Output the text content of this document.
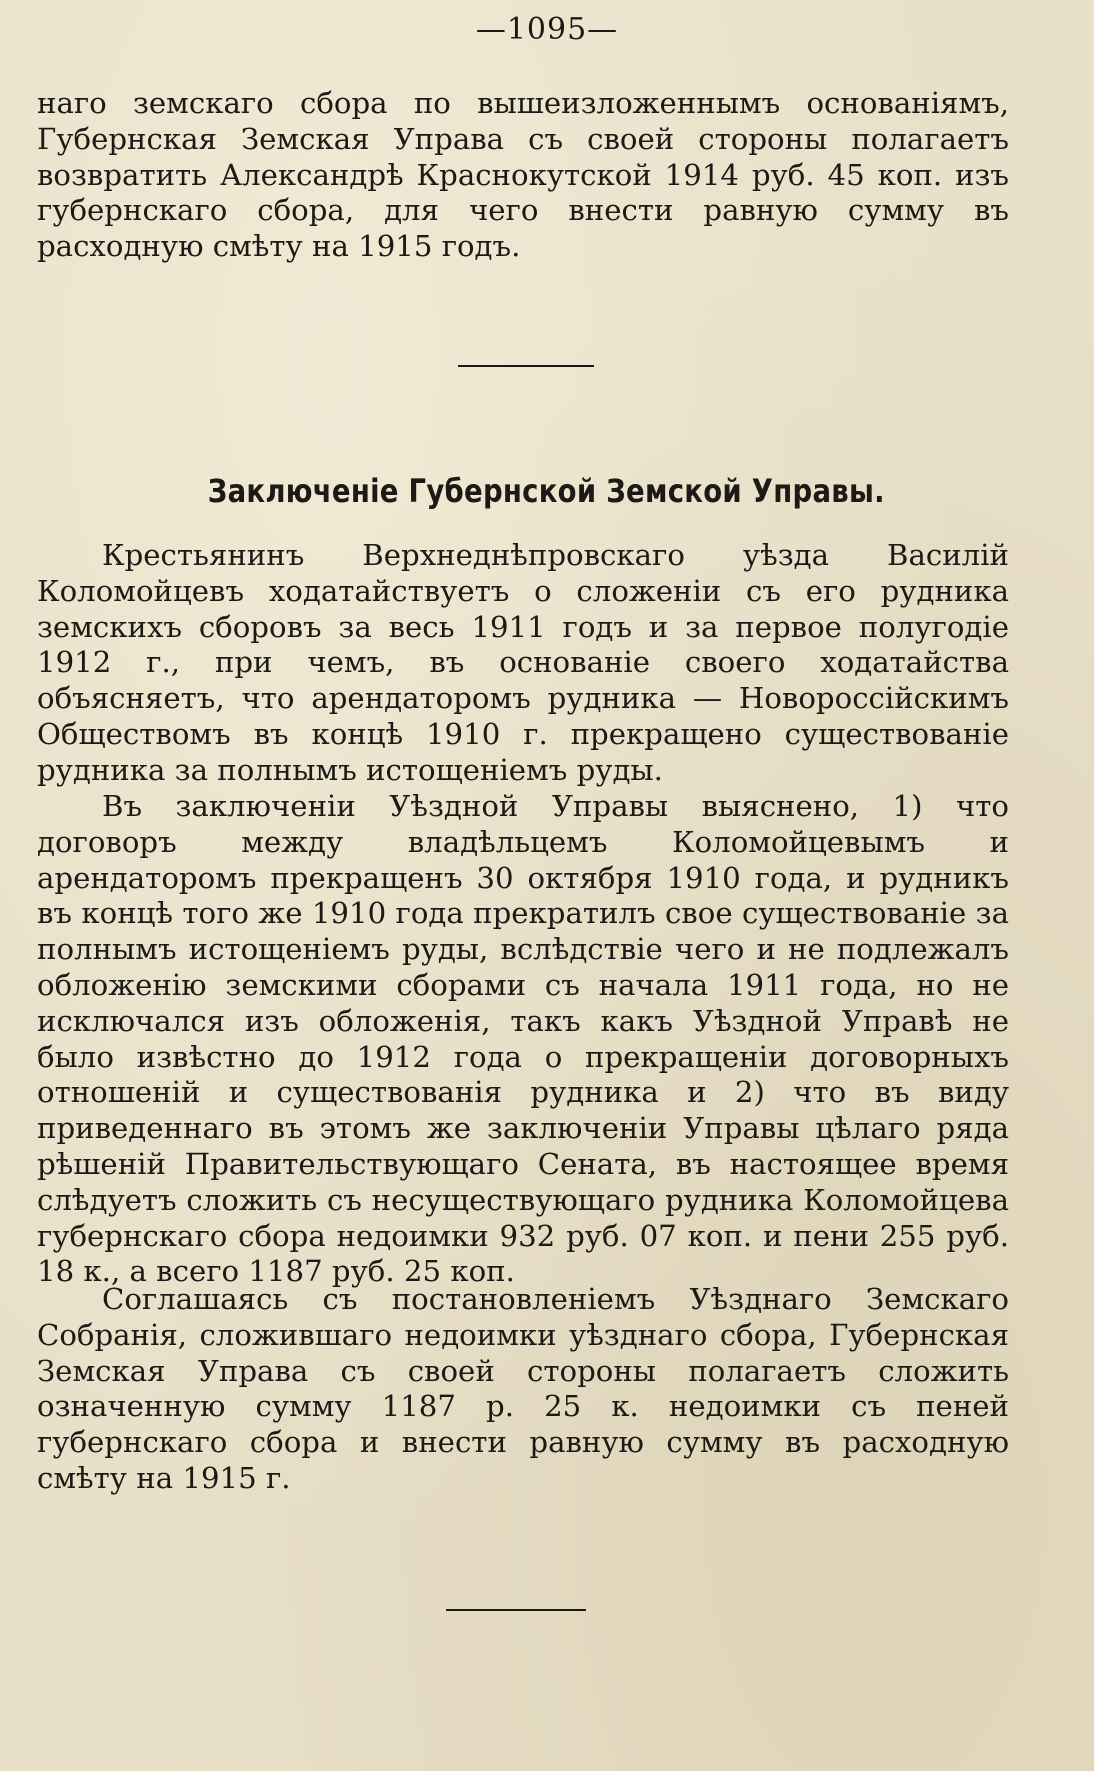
—1095—

наго земскаго сбора по вышеизложеннымъ основаніямъ, Губернская Земская Управа съ своей стороны полагаетъ возвратить Александрѣ Краснокутской 1914 руб. 45 коп. изъ губернскаго сбора, для чего внести равную сумму въ расходную смѣту на 1915 годъ.

Заключеніе Губернской Земской Управы.

Крестьянинъ Верхнеднѣпровскаго уѣзда Василій Коломойцевъ ходатайствуетъ о сложеніи съ его рудника земскихъ сборовъ за весь 1911 годъ и за первое полугодіе 1912 г., при чемъ, въ основаніе своего ходатайства объясняетъ, что арендаторомъ рудника — Новороссійскимъ Обществомъ въ концѣ 1910 г. прекращено существованіе рудника за полнымъ истощеніемъ руды.

Въ заключеніи Уѣздной Управы выяснено, 1) что договоръ между владѣльцемъ Коломойцевымъ и арендаторомъ прекращенъ 30 октября 1910 года, и рудникъ въ концѣ того же 1910 года прекратилъ свое существованіе за полнымъ истощеніемъ руды, вслѣдствіе чего и не подлежалъ обложенію земскими сборами съ начала 1911 года, но не исключался изъ обложенія, такъ какъ Уѣздной Управѣ не было извѣстно до 1912 года о прекращеніи договорныхъ отношеній и существованія рудника и 2) что въ виду приведеннаго въ этомъ же заключеніи Управы цѣлаго ряда рѣшеній Правительствующаго Сената, въ настоящее время слѣдуетъ сложить съ несуществующаго рудника Коломойцева губернскаго сбора недоимки 932 руб. 07 коп. и пени 255 руб. 18 к., а всего 1187 руб. 25 коп.

Соглашаясь съ постановленіемъ Уѣзднаго Земскаго Собранія, сложившаго недоимки уѣзднаго сбора, Губернская Земская Управа съ своей стороны полагаетъ сложить означенную сумму 1187 р. 25 к. недоимки съ пеней губернскаго сбора и внести равную сумму въ расходную смѣту на 1915 г.
